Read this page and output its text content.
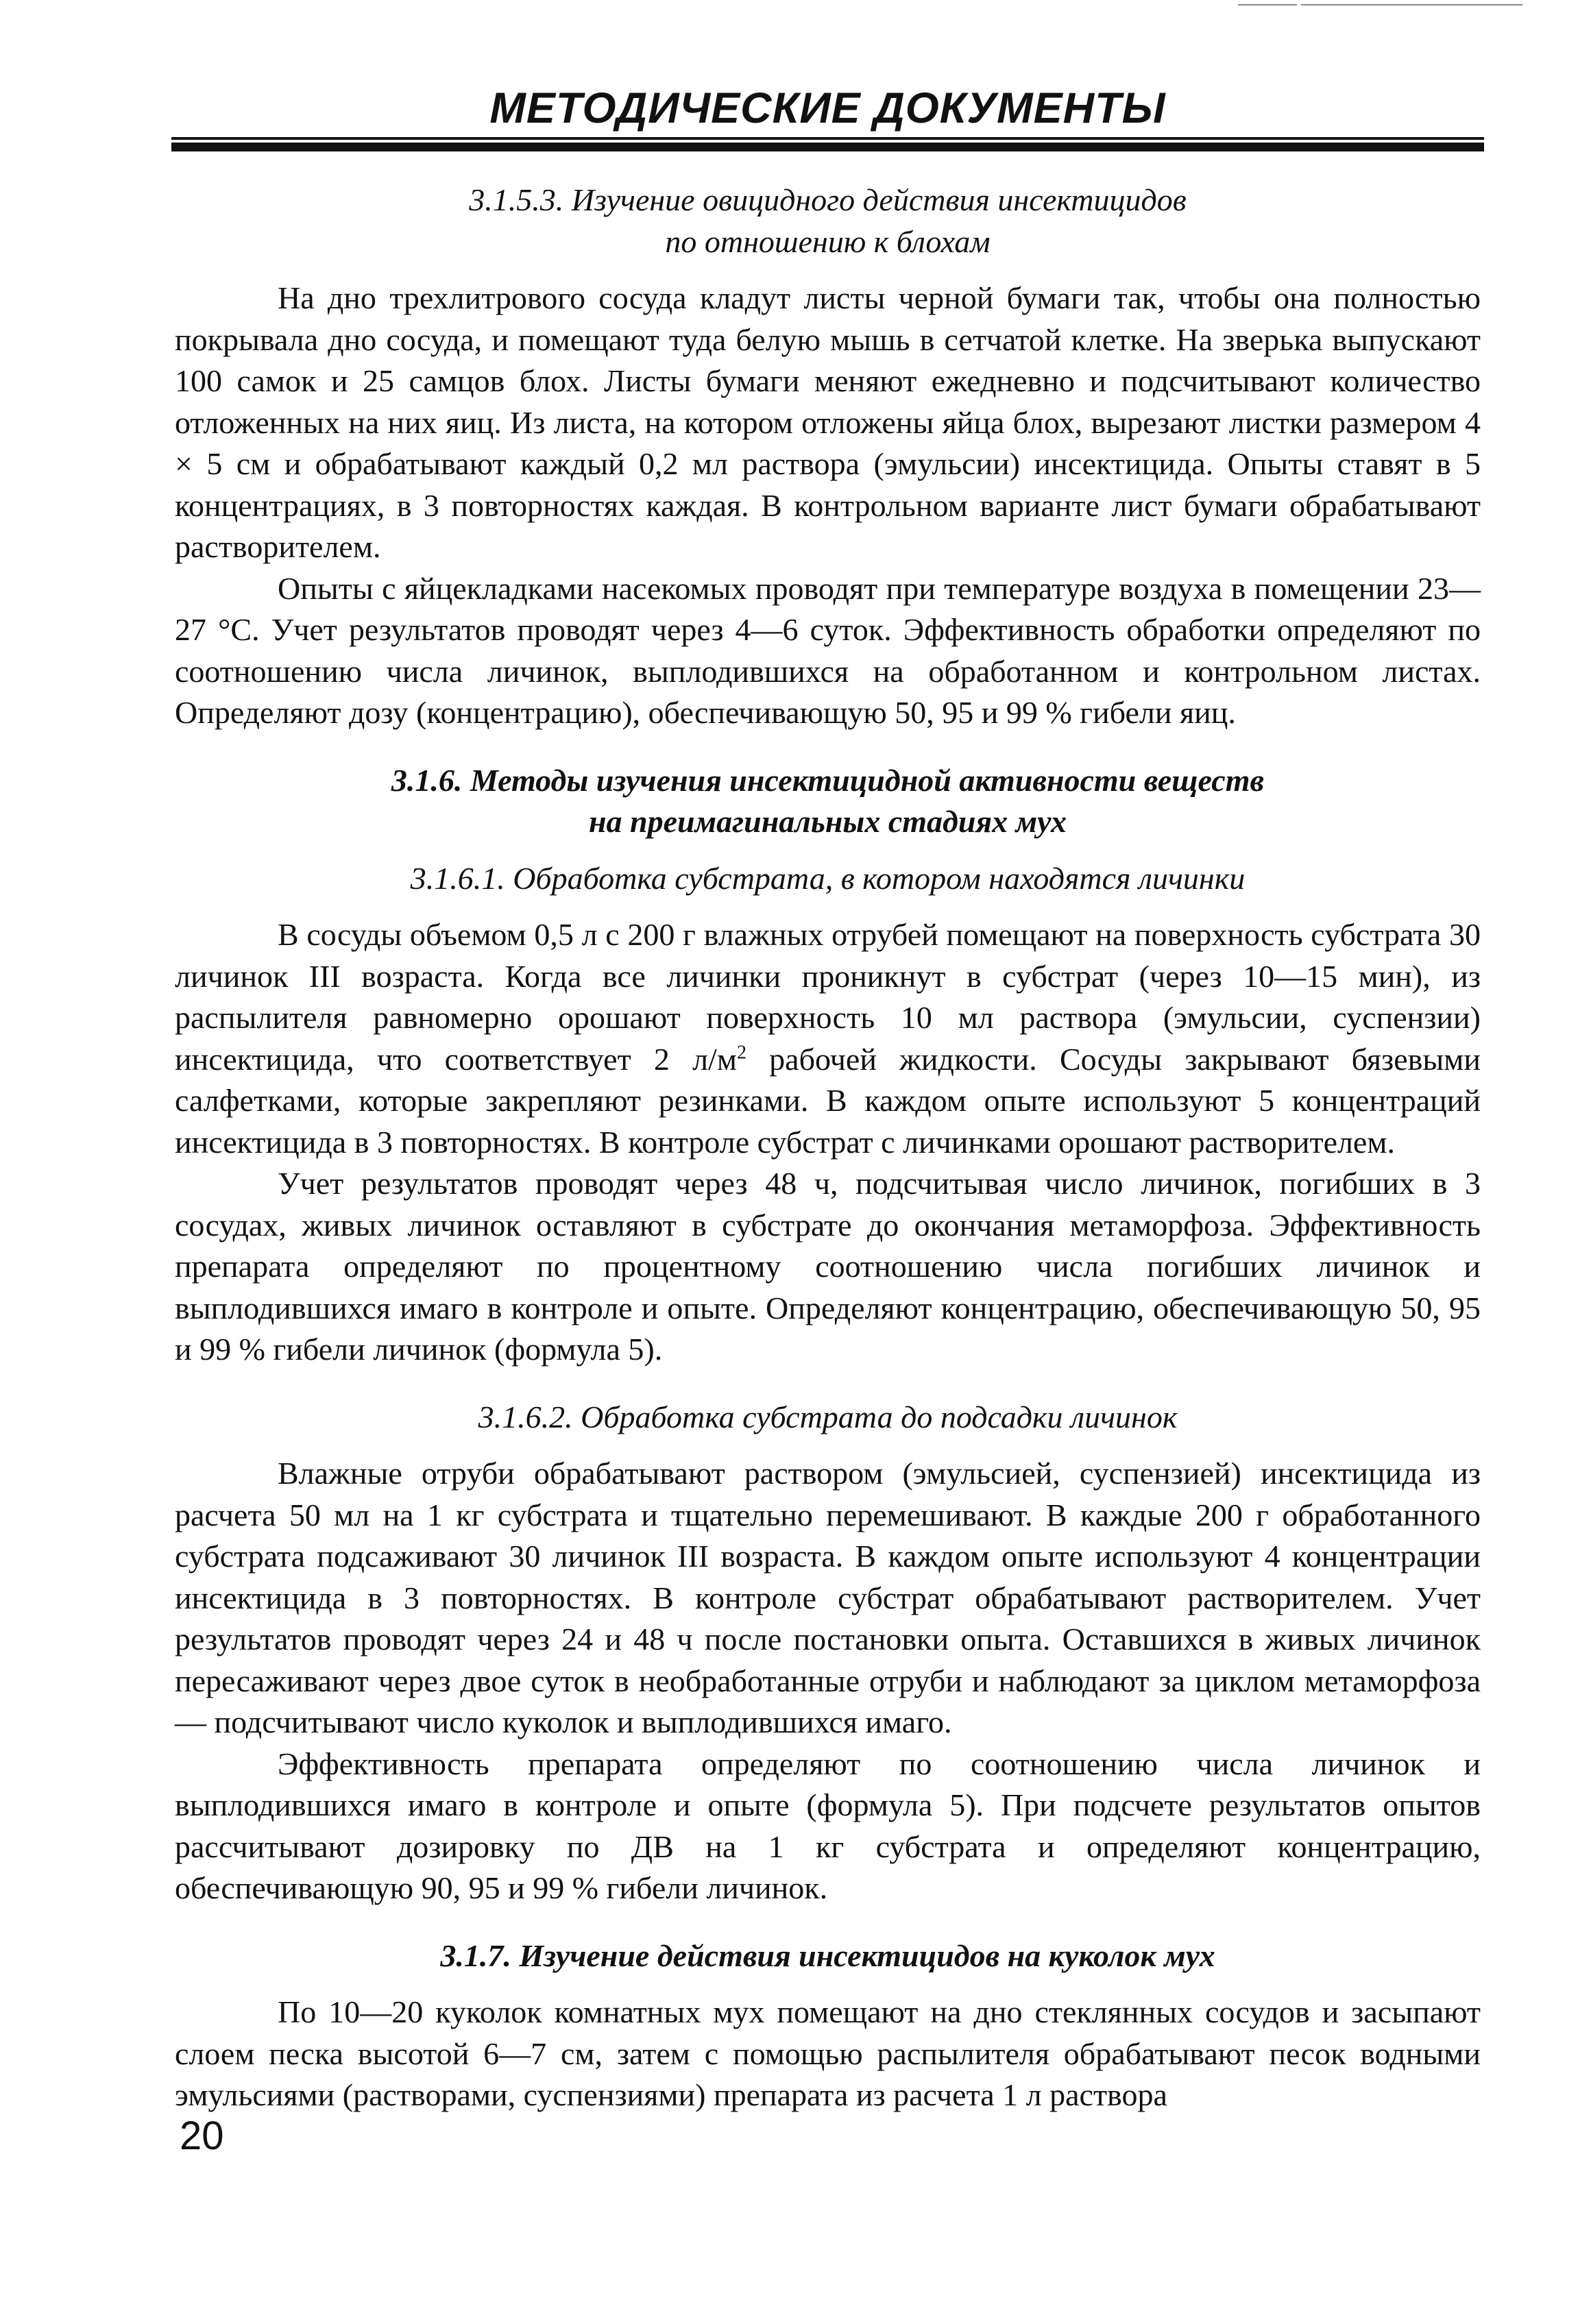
МЕТОДИЧЕСКИЕ ДОКУМЕНТЫ
3.1.5.3. Изучение овицидного действия инсектицидов
по отношению к блохам

На дно трехлитрового сосуда кладут листы черной бумаги так, чтобы она полностью покрывала дно сосуда, и помещают туда белую мышь в сетчатой клетке. На зверька выпускают 100 самок и 25 самцов блох. Листы бумаги меняют ежедневно и подсчитывают количество отложенных на них яиц. Из листа, на котором отложены яйца блох, вырезают листки размером 4 × 5 см и обрабатывают каждый 0,2 мл раствора (эмульсии) инсектицида. Опыты ставят в 5 концентрациях, в 3 повторностях каждая. В контрольном варианте лист бумаги обрабатывают растворителем.

Опыты с яйцекладками насекомых проводят при температуре воздуха в помещении 23—27 °С. Учет результатов проводят через 4—6 суток. Эффективность обработки определяют по соотношению числа личинок, выплодившихся на обработанном и контрольном листах. Определяют дозу (концентрацию), обеспечивающую 50, 95 и 99 % гибели яиц.

3.1.6. Методы изучения инсектицидной активности веществ
на преимагинальных стадиях мух
3.1.6.1. Обработка субстрата, в котором находятся личинки

В сосуды объемом 0,5 л с 200 г влажных отрубей помещают на поверхность субстрата 30 личинок III возраста. Когда все личинки проникнут в субстрат (через 10—15 мин), из распылителя равномерно орошают поверхность 10 мл раствора (эмульсии, суспензии) инсектицида, что соответствует 2 $л/м^2$ рабочей жидкости. Сосуды закрывают бязевыми салфетками, которые закрепляют резинками. В каждом опыте используют 5 концентраций инсектицида в 3 повторностях. В контроле субстрат с личинками орошают растворителем.

Учет результатов проводят через 48 ч, подсчитывая число личинок, погибших в 3 сосудах, живых личинок оставляют в субстрате до окончания метаморфоза. Эффективность препарата определяют по процентному соотношению числа погибших личинок и выплодившихся имаго в контроле и опыте. Определяют концентрацию, обеспечивающую 50, 95 и 99 % гибели личинок (формула 5).

3.1.6.2. Обработка субстрата до подсадки личинок

Влажные отруби обрабатывают раствором (эмульсией, суспензией) инсектицида из расчета 50 мл на 1 кг субстрата и тщательно перемешивают. В каждые 200 г обработанного субстрата подсаживают 30 личинок III возраста. В каждом опыте используют 4 концентрации инсектицида в 3 повторностях. В контроле субстрат обрабатывают растворителем. Учет результатов проводят через 24 и 48 ч после постановки опыта. Оставшихся в живых личинок пересаживают через двое суток в необработанные отруби и наблюдают за циклом метаморфоза — подсчитывают число куколок и выплодившихся имаго.

Эффективность препарата определяют по соотношению числа личинок и выплодившихся имаго в контроле и опыте (формула 5). При подсчете результатов опытов рассчитывают дозировку по ДВ на 1 кг субстрата и определяют концентрацию, обеспечивающую 90, 95 и 99 % гибели личинок.

3.1.7. Изучение действия инсектицидов на куколок мух

По 10—20 куколок комнатных мух помещают на дно стеклянных сосудов и засыпают слоем песка высотой 6—7 см, затем с помощью распылителя обрабатывают песок водными эмульсиями (растворами, суспензиями) препарата из расчета 1 л раствора

20
